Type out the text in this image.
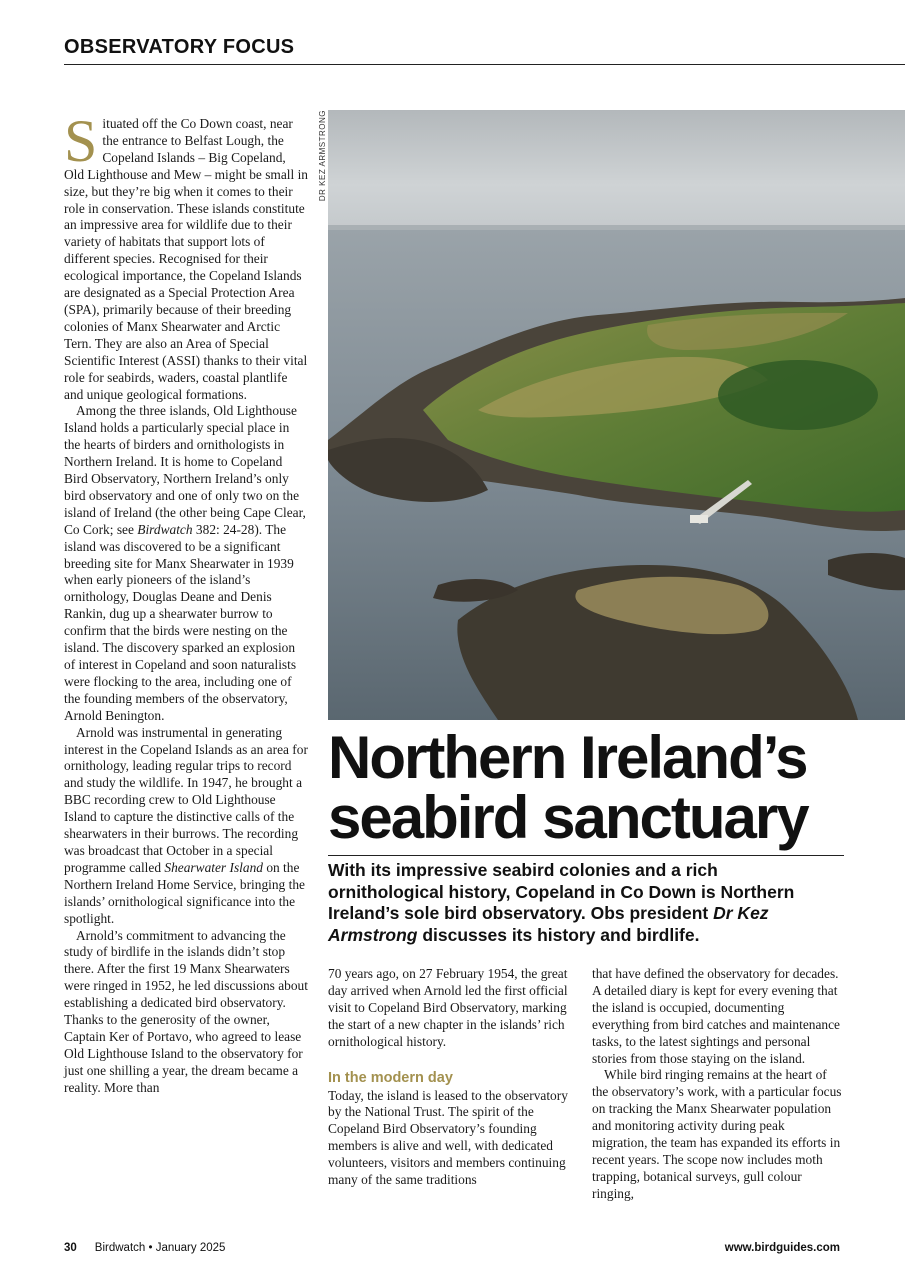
OBSERVATORY FOCUS

Situated off the Co Down coast, near the entrance to Belfast Lough, the Copeland Islands – Big Copeland, Old Lighthouse and Mew – might be small in size, but they’re big when it comes to their role in conservation. These islands constitute an impressive area for wildlife due to their variety of habitats that support lots of different species. Recognised for their ecological importance, the Copeland Islands are designated as a Special Protection Area (SPA), primarily because of their breeding colonies of Manx Shearwater and Arctic Tern. They are also an Area of Special Scientific Interest (ASSI) thanks to their vital role for seabirds, waders, coastal plantlife and unique geological formations.

Among the three islands, Old Lighthouse Island holds a particularly special place in the hearts of birders and ornithologists in Northern Ireland. It is home to Copeland Bird Observatory, Northern Ireland’s only bird observatory and one of only two on the island of Ireland (the other being Cape Clear, Co Cork; see Birdwatch 382: 24-28). The island was discovered to be a significant breeding site for Manx Shearwater in 1939 when early pioneers of the island’s ornithology, Douglas Deane and Denis Rankin, dug up a shearwater burrow to confirm that the birds were nesting on the island. The discovery sparked an explosion of interest in Copeland and soon naturalists were flocking to the area, including one of the founding members of the observatory, Arnold Benington.

Arnold was instrumental in generating interest in the Copeland Islands as an area for ornithology, leading regular trips to record and study the wildlife. In 1947, he brought a BBC recording crew to Old Lighthouse Island to capture the distinctive calls of the shearwaters in their burrows. The recording was broadcast that October in a special programme called Shearwater Island on the Northern Ireland Home Service, bringing the islands’ ornithological significance into the spotlight.

Arnold’s commitment to advancing the study of birdlife in the islands didn’t stop there. After the first 19 Manx Shearwaters were ringed in 1952, he led discussions about establishing a dedicated bird observatory. Thanks to the generosity of the owner, Captain Ker of Portavo, who agreed to lease Old Lighthouse Island to the observatory for just one shilling a year, the dream became a reality. More than

DR KEZ ARMSTRONG
Northern Ireland’s seabird sanctuary
With its impressive seabird colonies and a rich ornithological history, Copeland in Co Down is Northern Ireland’s sole bird observatory. Obs president Dr Kez Armstrong discusses its history and birdlife.

70 years ago, on 27 February 1954, the great day arrived when Arnold led the first official visit to Copeland Bird Observatory, marking the start of a new chapter in the islands’ rich ornithological history.

In the modern day

Today, the island is leased to the observatory by the National Trust. The spirit of the Copeland Bird Observatory’s founding members is alive and well, with dedicated volunteers, visitors and members continuing many of the same traditions

that have defined the observatory for decades. A detailed diary is kept for every evening that the island is occupied, documenting everything from bird catches and maintenance tasks, to the latest sightings and personal stories from those staying on the island.

While bird ringing remains at the heart of the observatory’s work, with a particular focus on tracking the Manx Shearwater population and monitoring activity during peak migration, the team has expanded its efforts in recent years. The scope now includes moth trapping, botanical surveys, gull colour ringing,

30 Birdwatch • January 2025	www.birdguides.com
